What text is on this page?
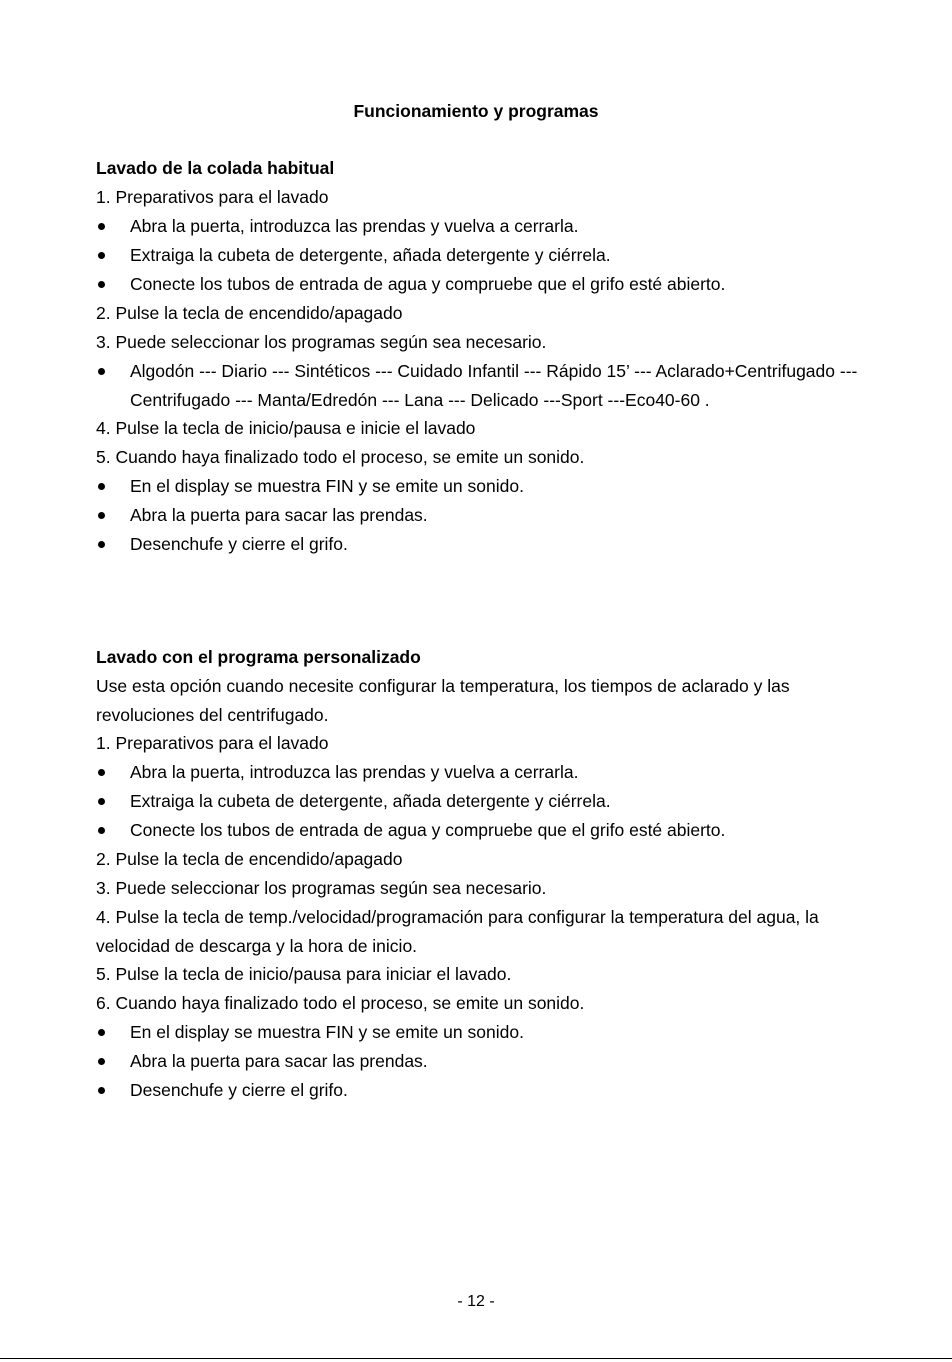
Funcionamiento y programas
Lavado de la colada habitual
1. Preparativos para el lavado
Abra la puerta, introduzca las prendas y vuelva a cerrarla.
Extraiga la cubeta de detergente, añada detergente y ciérrela.
Conecte los tubos de entrada de agua y compruebe que el grifo esté abierto.
2. Pulse la tecla de encendido/apagado
3. Puede seleccionar los programas según sea necesario.
Algodón --- Diario --- Sintéticos --- Cuidado Infantil --- Rápido 15’ --- Aclarado+Centrifugado --- Centrifugado --- Manta/Edredón --- Lana --- Delicado ---Sport ---Eco40-60 .
4. Pulse la tecla de inicio/pausa e inicie el lavado
5. Cuando haya finalizado todo el proceso, se emite un sonido.
En el display se muestra FIN y se emite un sonido.
Abra la puerta para sacar las prendas.
Desenchufe y cierre el grifo.
Lavado con el programa personalizado
Use esta opción cuando necesite configurar la temperatura, los tiempos de aclarado y las revoluciones del centrifugado.
1. Preparativos para el lavado
Abra la puerta, introduzca las prendas y vuelva a cerrarla.
Extraiga la cubeta de detergente, añada detergente y ciérrela.
Conecte los tubos de entrada de agua y compruebe que el grifo esté abierto.
2. Pulse la tecla de encendido/apagado
3. Puede seleccionar los programas según sea necesario.
4. Pulse la tecla de temp./velocidad/programación para configurar la temperatura del agua, la velocidad de descarga y la hora de inicio.
5. Pulse la tecla de inicio/pausa para iniciar el lavado.
6. Cuando haya finalizado todo el proceso, se emite un sonido.
En el display se muestra FIN y se emite un sonido.
Abra la puerta para sacar las prendas.
Desenchufe y cierre el grifo.
- 12 -
